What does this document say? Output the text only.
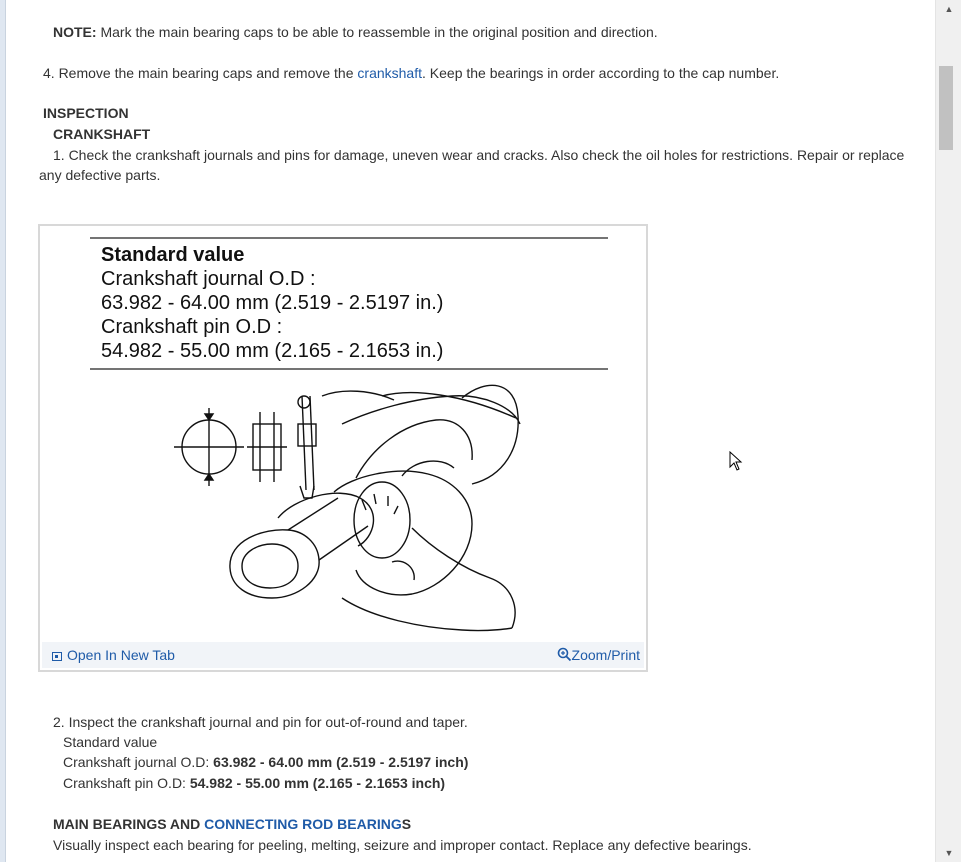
NOTE: Mark the main bearing caps to be able to reassemble in the original position and direction.
4. Remove the main bearing caps and remove the crankshaft. Keep the bearings in order according to the cap number.
INSPECTION
CRANKSHAFT
1. Check the crankshaft journals and pins for damage, uneven wear and cracks. Also check the oil holes for restrictions. Repair or replace
any defective parts.
Standard value
Crankshaft journal O.D :
63.982 - 64.00 mm (2.519 - 2.5197 in.)
Crankshaft pin O.D :
54.982 - 55.00 mm (2.165 - 2.1653 in.)
Open In New Tab	Zoom/Print
2. Inspect the crankshaft journal and pin for out-of-round and taper.
Standard value
Crankshaft journal O.D: 63.982 - 64.00 mm (2.519 - 2.5197 inch)
Crankshaft pin O.D: 54.982 - 55.00 mm (2.165 - 2.1653 inch)
MAIN BEARINGS AND CONNECTING ROD BEARINGS
Visually inspect each bearing for peeling, melting, seizure and improper contact. Replace any defective bearings.
▲
▼
